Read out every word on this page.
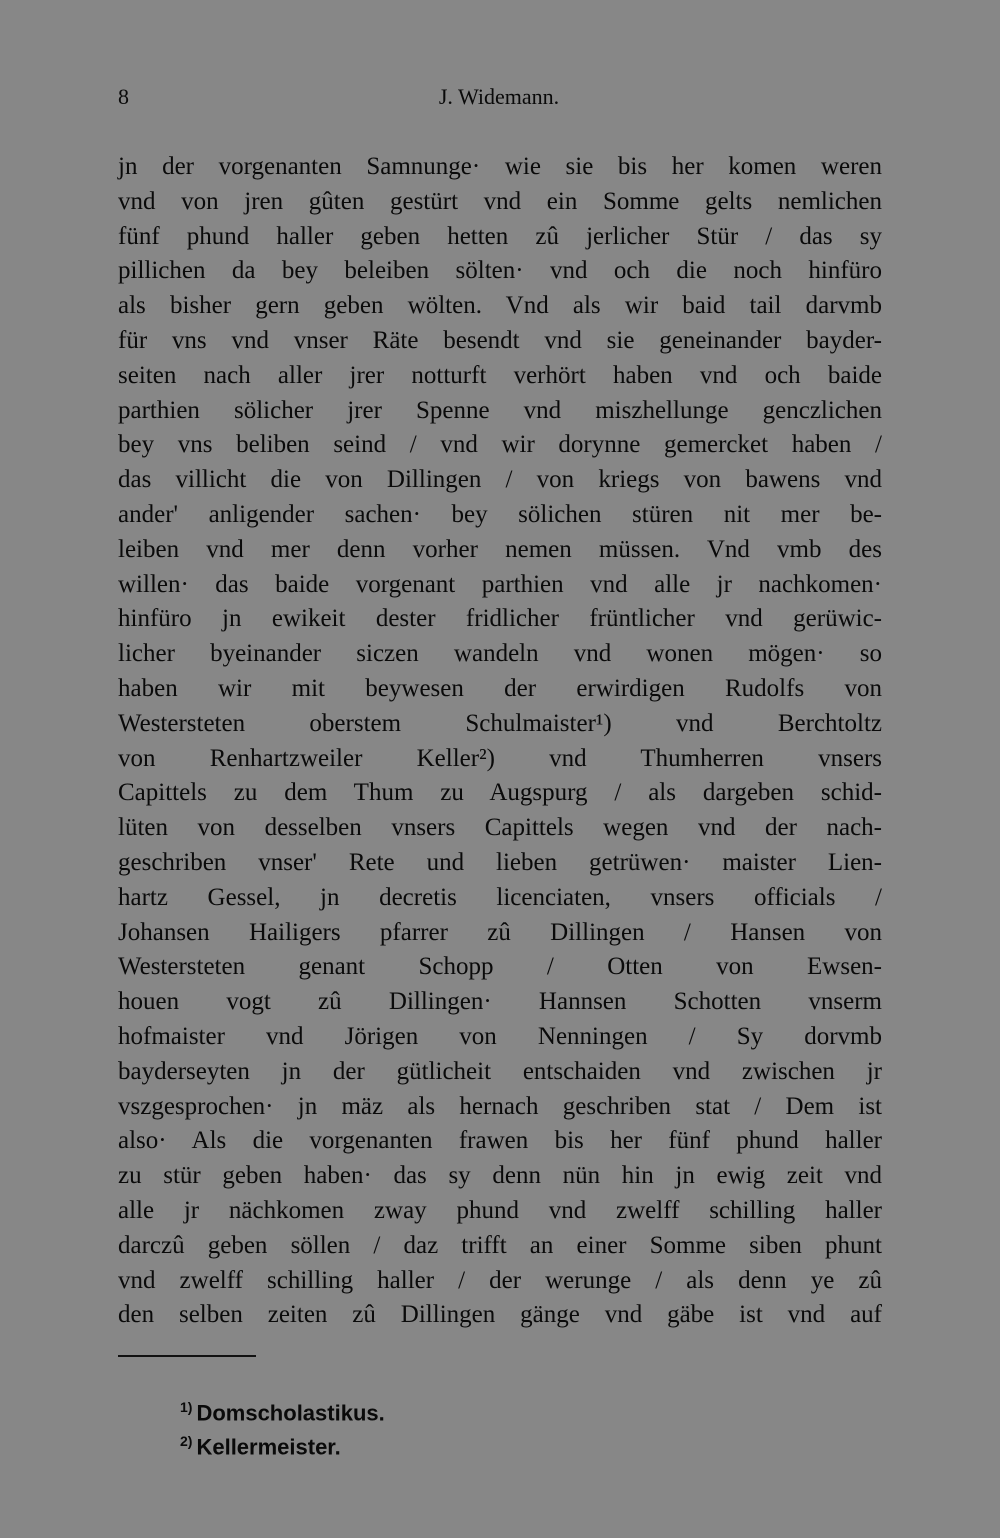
8	J. Widemann.
jn der vorgenanten Samnunge· wie sie bis her komen weren
vnd von jren gûten gestürt vnd ein Somme gelts nemlichen
fünf phund haller geben hetten zû jerlicher Stür / das sy
pillichen da bey beleiben sölten· vnd och die noch hinfüro
als bisher gern geben wölten. Vnd als wir baid tail darvmb
für vns vnd vnser Räte besendt vnd sie geneinander bayder-
seiten nach aller jrer notturft verhört haben vnd och baide
parthien sölicher jrer Spenne vnd miszhellunge genczlichen
bey vns beliben seind / vnd wir dorynne gemercket haben /
das villicht die von Dillingen / von kriegs von bawens vnd
ander' anligender sachen· bey sölichen stüren nit mer be-
leiben vnd mer denn vorher nemen müssen. Vnd vmb des
willen· das baide vorgenant parthien vnd alle jr nachkomen·
hinfüro jn ewikeit dester fridlicher früntlicher vnd gerüwic-
licher byeinander siczen wandeln vnd wonen mögen· so
haben wir mit beywesen der erwirdigen Rudolfs von
Westersteten oberstem Schulmaister¹) vnd Berchtoltz
von Renhartzweiler Keller²) vnd Thumherren vnsers
Capittels zu dem Thum zu Augspurg / als dargeben schid-
lüten von desselben vnsers Capittels wegen vnd der nach-
geschriben vnser' Rete und lieben getrüwen· maister Lien-
hartz Gessel, jn decretis licenciaten, vnsers officials /
Johansen Hailigers pfarrer zû Dillingen / Hansen von
Westersteten genant Schopp / Otten von Ewsen-
houen vogt zû Dillingen· Hannsen Schotten vnserm
hofmaister vnd Jörigen von Nenningen / Sy dorvmb
bayderseyten jn der gütlicheit entschaiden vnd zwischen jr
vszgesprochen· jn mäz als hernach geschriben stat / Dem ist
also· Als die vorgenanten frawen bis her fünf phund haller
zu stür geben haben· das sy denn nün hin jn ewig zeit vnd
alle jr nächkomen zway phund vnd zwelff schilling haller
darczû geben söllen / daz trifft an einer Somme siben phunt
vnd zwelff schilling haller / der werunge / als denn ye zû
den selben zeiten zû Dillingen gänge vnd gäbe ist vnd auf
$^{1)}$ Domscholastikus.
$^{2)}$ Kellermeister.
